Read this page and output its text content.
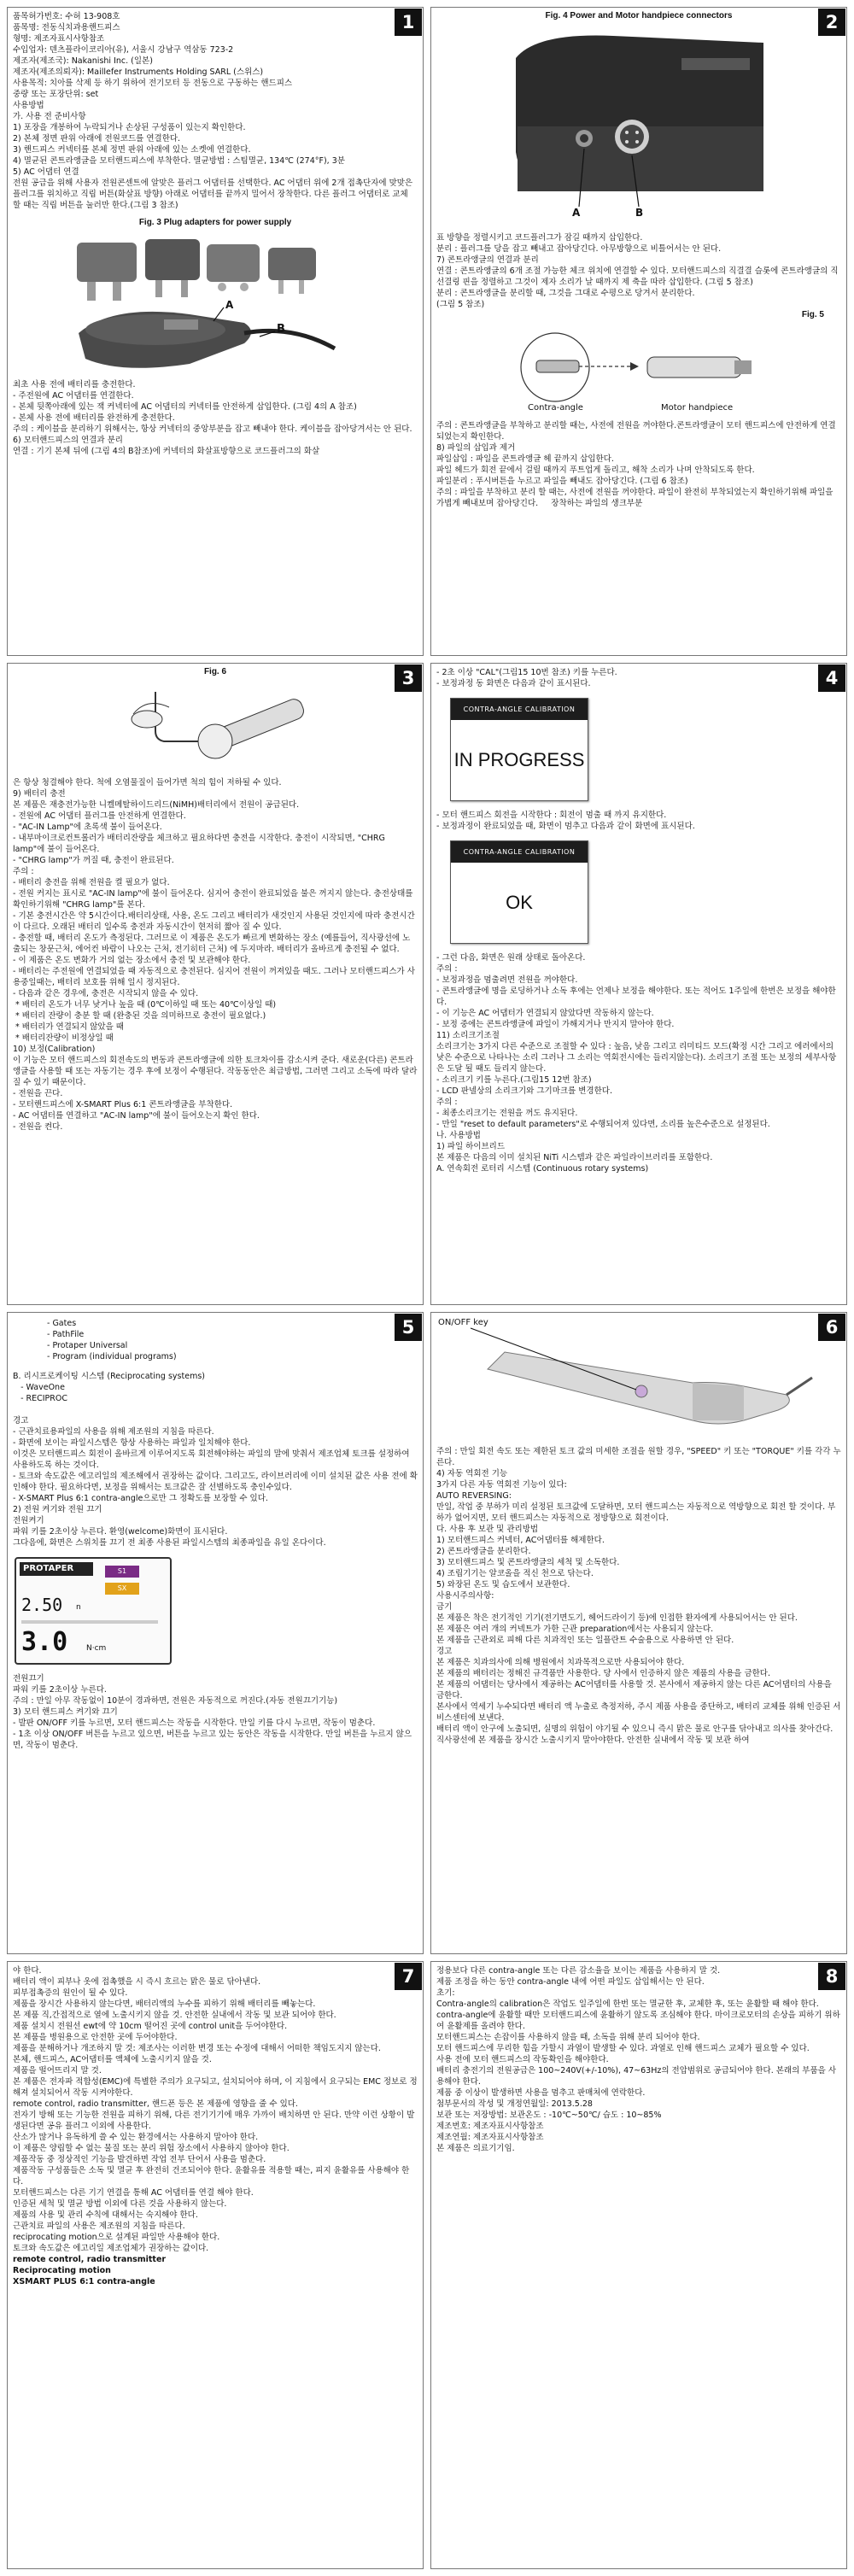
1

품목허가번호: 수허 13-908호
품목명: 전동식치과용핸드피스
형명: 제조자표시사항참조
수입업자: 덴츠플라이코리아(유), 서울시 강남구 역삼동 723-2
제조자(제조국): Nakanishi Inc. (일본)
제조자(제조의뢰자): Maillefer Instruments Holding SARL (스위스)
사용목적: 치아를 삭제 등 하기 위하여 전기모터 등 전동으로 구동하는 핸드피스
중량 또는 포장단위: set
사용방법
가. 사용 전 준비사항
1) 포장을 개봉하여 누락되거나 손상된 구성품이 있는지 확인한다.
2) 본체 정면 판위 아래에 전원코드를 연결한다.
3) 핸드피스 커넥터를 본체 정면 판위 아래에 있는 소켓에 연결한다.
4) 멸균된 콘트라앵글을 모터핸드피스에 부착한다. 멸균방법 : 스팀멸균, 134℃ (274°F), 3분
5) AC 어댑터 연결
전원 공급을 위해 사용자 전원콘센트에 알맞은 플러그 어댑터를 선택한다. AC 어댑터 위에 2개 접촉단자에 맞맞은 플러그를 위치하고 직립 버튼(화살표 방향) 아래로 어댑터를 끝까지 밀어서 장착한다. 다른 플러그 어댑터로 교체 할 때는 직립 버튼을 눌러만 한다.(그림 3 참조)

Fig. 3 Plug adapters for power supply

A
B

최초 사용 전에 배터리를 충전한다.
- 주전원에 AC 어댑터를 연결한다.
- 본체 뒷쪽아래에 있는 잭 커넥터에 AC 어댑터의 커넥터를 안전하게 삽입한다. (그림 4의 A 참조)
- 본체 사용 전에 배터리를 완전하게 충전한다.
주의 : 케이블을 분리하기 위해서는, 항상 커넥터의 중앙부분을 잡고 빼내야 한다. 케이블을 잡아당겨서는 안 된다.
6) 모터핸드피스의 연결과 분리
연결 : 기기 본체 뒤에 (그림 4의 B참조)에 커넥터의 화살표방향으로 코드플러그의 화살

2

Fig. 4 Power and Motor handpiece connectors

A	B

표 방향을 정렬시키고 코드플러그가 잠길 때까지 삽입한다.
분리 : 플러그를 당을 잡고 빼내고 잡아당긴다. 아무방향으로 비틀어서는 안 된다.
7) 콘트라앵글의 연결과 분리
연결 : 콘트라앵글의 6개 조절 가능한 체크 위치에 연결할 수 있다. 모터핸드피스의 직결결 슬롯에 콘트라앵글의 직선결링 핀을 정렬하고 그것이 제자 소리가 날 때까지 제 축을 따라 삽입한다. (그림 5 참조)
분리 : 콘트라앵글을 분리할 때, 그것을 그대로 수평으로 당겨서 분리한다.
(그림 5 참조)

Fig. 5

Contra-angle	Motor handpiece

주의 : 콘트라앵글을 부착하고 분리할 때는, 사전에 전원을 꺼야한다.콘트라앵글이 모터 핸드피스에 안전하게 연결되었는지 확인한다.
8) 파일의 삽입과 제거
파일삽입 : 파일을 콘트라앵글 헤 끝까지 삽입한다.
파일 헤드가 회전 끝에서 걸릴 때까지 푸트업게 돌리고, 해착 소리가 나며 안착되도록 한다.
파일분리 : 푸시버튼을 누르고 파일을 빼내도 잡아당긴다. (그림 6 참조)
주의 : 파일을 부착하고 분리 할 때는, 사전에 전원을 꺼야한다. 파일이 완전히 부착되었는지 확인하기위해 파일을 가볍게 빼내보며 잡아당긴다.     장착하는 파일의 생크부분

3

Fig. 6

은 항상 청결해야 한다. 척에 오염물질이 들어가면 척의 힘이 저하될 수 있다.
9) 배터리 충전
본 제품은 재충전가능한 니켈메탈하이드리드(NiMH)배터리에서 전원이 공급된다.
- 전원에 AC 어댑터 플러그를 안전하게 연결한다.
- "AC-IN Lamp"에 초록색 불이 들어온다.
- 내부마이크로컨트롤러가 배터리잔량을 체크하고 필요하다면 충전을 시작한다. 충전이 시작되면, "CHRG lamp"에 불이 들어온다.
- "CHRG lamp"가 꺼질 때, 충전이 완료된다.
주의 :
- 배터리 충전을 위해 전원을 켤 필요가 없다.
- 전원 커지는 표시로 "AC-IN lamp"에 불이 들어온다. 심지어 충전이 완료되었을 불은 꺼지지 않는다. 충전상태를 확인하기위해 "CHRG lamp"를 본다.
- 기본 충전시간은 약 5시간이다.배터리상태, 사용, 온도 그리고 배터리가 새것인지 사용된 것인지에 따라 충전시간이 다르다. 오래된 배터리 일수록 충전과 자동시간이 현저히 짧아 질 수 있다.
- 충전할 때, 배터리 온도가 측정된다. 그러므로 이 제품은 온도가 빠르게 변화하는 장소 (예를들어, 직사광선에 노출되는 창문근처, 에어컨 바람이 나오는 근처, 전기히터 근처) 에 두지마라. 배터리가 올바르게 충전될 수 없다.
- 이 제품은 온도 변화가 거의 없는 장소에서 충전 및 보관해야 한다.
- 배터리는 주전원에 연결되었을 때 자동적으로 충전된다. 심지어 전원이 꺼져있을 때도. 그러나 모터핸드피스가 사용중일때는, 배터리 보호를 위해 일시 정지된다.
- 다음과 같은 경우에, 충전은 시작되지 않을 수 있다.
* 배터리 온도가 너무 낮거나 높을 때 (0℃이하일 때 또는 40℃이상일 때)
* 배터리 잔량이 충분 할 때 (완충된 것을 의미하므로 충전이 필요없다.)
* 배터리가 연결되지 않았을 때
* 배터리잔량이 비정상일 때
10) 보정(Calibration)
이 기능은 모터 핸드피스의 회전속도의 변동과 콘트라앵글에 의한 토크차이를 감소시켜 준다. 새로운(다른) 콘트라앵글을 사용할 때 또는 자동기는 경우 후에 보정이 수행된다. 작동동안은 최급방법, 그러면 그리고 소독에 따라 달라질 수 있기 때문이다.
- 전원을 끈다.
- 모터핸드피스에 X-SMART Plus 6:1 콘트라앵글을 부착한다.
- AC 어댑터를 연결하고 "AC-IN lamp"에 불이 들어오는지 확인 한다.
- 전원을 켠다.

4

- 2초 이상 "CAL"(그림15 10번 참조) 키를 누른다.
- 보정과정 동 화면은 다음과 같이 표시된다.

CONTRA-ANGLE CALIBRATION
IN PROGRESS

- 모터 핸드피스 회전을 시작한다 : 회전이 멈출 때 까지 유지한다.
- 보정과정이 완료되었을 때, 화면이 멈추고 다음과 같이 화면에 표시된다.

CONTRA-ANGLE CALIBRATION
OK

- 그런 다음, 화면은 원래 상태로 돌아온다.
주의 :
- 보정과정을 멈출려면 전원을 꺼야한다.
- 콘트라앵글에 명을 로딩하거나 소독 후에는 언제나 보정을 해야한다. 또는 적어도 1주일에 한번은 보정을 해야한다.
- 이 기능은 AC 어댑터가 연결되지 않았다면 작동하지 않는다.
- 보정 중에는 콘트라앵글에 파일이 가해지거나 만지지 말아야 한다.
11) 소리크기조절
소리크기는 3가지 다른 수준으로 조절할 수 있다 : 높음, 낮음 그리고 리미티드 모드(확정 시간 그리고 에러에서의 낮은 수준으로 나타나는 소리 그러나 그 소리는 역회전시에는 들리지않는다). 소리크기 조절 또는 보정의 세부사항은 도달 될 때도 들리지 않는다.
- 소리크기 키를 누른다.(그림15 12번 참조)
- LCD 판넬상의 소리크기와 그기마크를 변경한다.
주의 :
- 최종소리크기는 전원을 꺼도 유지된다.
- 만일 "reset to default parameters"로 수행되어져 있다면, 소리를 높은수준으로 설정된다.
나. 사용방법
1) 파일 하이브리드
본 제품은 다음의 이미 설치된 NiTi 시스템과 같은 파일라이브러리를 포함한다.
A. 연속회전 로터리 시스템 (Continuous rotary systems)

5

- Gates

- PathFile

- Protaper Universal

- Program (individual programs)

B. 리시프로케이팅 시스템 (Reciprocating systems)
- WaveOne
- RECIPROC

경고
- 근관치료용파일의 사용을 위해 제조원의 지침을 따른다.
- 화면에 보이는 파일시스템은 항상 사용하는 파일과 일치해야 한다.
이것은 모터핸드피스 회전이 올바르게 이루어지도록 회전해야하는 파일의 말에 맞춰서 제조업체 토크를 설정하여 사용하도록 하는 것이다.
- 토크와 속도값은 에고리일의 제조해에서 권장하는 값이다. 그리고도, 라이브러리에 이미 설치된 값은 사용 전에 확인해야 한다. 필요하다면, 보정을 위해서는 토크값은 잘 선별하도록 충인수있다.
- X-SMART Plus 6:1 contra-angle으로만 그 정확도를 보장할 수 있다.
2) 전원 켜기와 전원 끄기
전원켜기
파워 키를 2초이상 누른다. 환영(welcome)화면이 표시된다.
그다음에, 화면은 스위치를 끄기 전 최종 사용된 파일시스템의 최종파일을 유일 온다이다.

PROTAPER	S1
SX
2.50 n
3.0 N·cm

전원끄기
파워 키를 2초이상 누른다.
주의 : 만일 아무 작동없이 10분이 경과하면, 전원은 자동적으로 꺼진다.(자동 전원끄기기능)
3) 모터 핸드피스 켜기와 끄기
- 발판 ON/OFF 키를 누르면, 모터 핸드피스는 작동을 시작한다. 만일 키를 다시 누르면, 작동이 멈춘다.
- 1초 이상 ON/OFF 버튼을 누르고 있으면, 버튼을 누르고 있는 동안은 작동을 시작한다. 만일 버튼을 누르지 않으면, 작동이 멈춘다.

6
ON/OFF key

주의 : 만일 회전 속도 또는 제한된 토크 값의 미세한 조절을 원할 경우, "SPEED" 키 또는 "TORQUE" 키를 각각 누른다.
4) 자동 역회전 기능
3가지 다른 자동 역회전 기능이 있다:
AUTO REVERSING:
만일, 작업 중 부하가 미리 설정된 토크값에 도달하면, 모터 핸드피스는 자동적으로 역방향으로 회전 할 것이다. 부하가 없어지면, 모터 핸드피스는 자동적으로 정방향으로 회전이다.
다. 사용 후 보관 및 관리방법
1) 모터핸드피스 커넥터, AC어댑터를 해제한다.
2) 콘트라앵글을 분리한다.
3) 모터핸드피스 및 콘트라앵글의 세척 및 소독한다.
4) 조립기기는 알코올을 적신 천으로 닦는다.
5) 와장된 온도 및 습도에서 보관한다.
사용시주의사항:
금기
본 제품은 착은 전기적인 기기(전기면도기, 헤어드라이기 등)에 인접한 환자에게 사용되어서는 안 된다.
본 제품은 여러 개의 커넥트가 가한 근관 preparation에서는 사용되지 않는다.
본 제품을 근관외로 피해 다른 치과적인 또는 일플란트 수술용으로 사용하면 안 된다.
경고
본 제품은 치과의사에 의해 병원에서 치과목적으로만 사용되어야 한다.
본 제품의 배터리는 정해진 규격품만 사용한다. 당 사에서 인증하지 않은 제품의 사용을 금한다.
본 제품의 어댑터는 당사에서 제공하는 AC어댑터를 사용할 것. 본사에서 제공하지 않는 다른 AC어댑터의 사용을 금한다.
본사에서 역세기 누수되다면 배터리 액 누출로 측정저하, 주시 제품 사용을 중단하고, 배터리 교체를 위해 인증된 서비스센터에 보낸다.
배터리 액이 안구에 노출되면, 실명의 위험이 야기될 수 있으니 즉시 맑은 물로 안구를 닦아내고 의사를 찾아간다.
직사광선에 본 제품을 장시간 노출시키지 말아야한다. 안전한 실내에서 작동 및 보관 하여

7

야 한다.
배터리 액이 피부나 옷에 접촉했을 시 즉시 흐르는 맑은 물로 닦아낸다.
피부접촉증의 원인이 될 수 있다.
제품을 장시간 사용하지 않는다면, 배터리액의 누수를 피하기 위해 배터리를 빼놓는다.
본 제품 직,간접적으로 열에 노출시키지 않을 것. 안전한 실내에서 작동 및 보관 되어야 한다.
제품 설치시 전원선 ewt에 약 10cm 떨어진 곳에 control unit을 두어야한다.
본 제품을 병원용으로 안전한 곳에 두어야한다.
제품을 분해하거나 개조하지 말 것: 제조사는 이러한 변경 또는 수정에 대해서 어떠한 책임도지지 않는다.
본체, 핸드피스, AC어댑터를 액체에 노출시키지 않을 것.
제품을 떨어뜨리지 말 것.
본 제품은 전자파 적합성(EMC)에 특별한 주의가 요구되고, 설치되어야 하며, 이 지침에서 요구되는 EMC 정보로 정해져 설치되어서 작동 시켜야한다.
remote control, radio transmitter, 핸드폰 등은 본 제품에 영향을 줄 수 있다.
전자기 방해 또는 기능한 전원을 피하기 위해, 다른 전기기기에 매우 가까이 배치하면 안 된다. 만약 이런 상황이 발생된다면 공유 플러그 이외에 사용한다.
산소가 많거나 유독하게 쓸 수 있는 환경에서는 사용하지 말아야 한다.
이 제품은 양립할 수 없는 물질 또는 분리 위험 장소에서 사용하지 않아야 한다.
제품작동 중 정상적인 기능을 발견하면 작업 전부 단어서 사용을 멈춘다.
제품작동 구성품들은 소독 및 멸균 후 완전히 건조되어야 한다. 윤활유를 적용할 때는, 피지 윤활유를 사용해야 한다.
모터핸드피스는 다른 기기 연결을 통해 AC 어댑터를 연결 해야 한다.
인증된 세척 및 멸균 방법 이외에 다른 것을 사용하지 않는다.
제품의 사용 및 관리 수칙에 대해서는 숙지해야 한다.
근관치료 파일의 사용은 제조원의 지침을 따른다.
reciprocating motion으로 설계된 파일만 사용해야 한다.
토크와 속도값은 에고리일 제조업체가 권장하는 값이다.

remote control, radio transmitter

Reciprocating motion

XSMART PLUS 6:1 contra-angle

8

정용보다 다른 contra-angle 또는 다른 감소율을 보이는 제품을 사용하지 말 것.
제품 조정을 하는 동안 contra-angle 내에 어떤 파일도 삽입해서는 안 된다.
초기:
Contra-angle의 calibration은 작업도 일주일에 한번 또는 멸균한 후, 교체한 후, 또는 윤활할 때 해야 한다.
contra-angle에 윤활할 때만 모터핸드피스에 윤활하기 않도록 조심해야 한다. 마이크로모터의 손상을 피하기 위하여 윤활제를 올려야 한다.
모터핸드피스는 손잡이를 사용하지 않을 때, 소독을 위해 분리 되어야 한다.
모터 핸드피스에 무리한 힘을 가할시 과열이 발생할 수 있다. 과열로 인해 핸드피스 교체가 필요할 수 있다.
사용 전에 모터 핸드피스의 작동확인을 해야한다.
배터리 충전기의 전원공급은 100~240V(+/-10%), 47~63Hz의 전압범위로 공급되어야 한다. 본래의 부품을 사용해야 한다.
제품 중 이상이 발생하면 사용을 멈추고 판매처에 연락한다.
첨부문서의 작성 및 개정연월일: 2013.5.28
보관 또는 저장방법: 보관온도 : -10℃~50℃/ 습도 : 10~85%
제조번호: 제조자표시사항참조
제조연월: 제조자표시사항참조
본 제품은 의료기기임.
